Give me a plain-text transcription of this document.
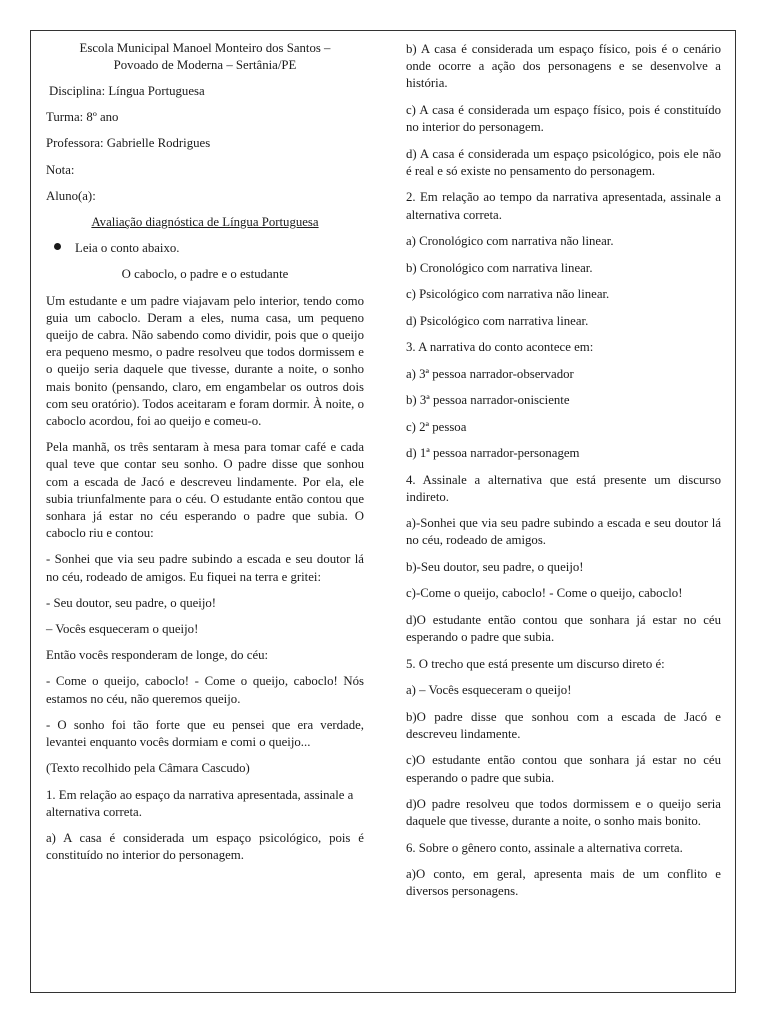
Escola Municipal Manoel Monteiro dos Santos –
Povoado de Moderna – Sertânia/PE

Disciplina: Língua Portuguesa

Turma: 8º ano

Professora: Gabrielle Rodrigues

Nota:

Aluno(a):

Avaliação diagnóstica de Língua Portuguesa

Leia o conto abaixo.

O caboclo, o padre e o estudante

Um estudante e um padre viajavam pelo interior, tendo como guia um caboclo. Deram a eles, numa casa, um pequeno queijo de cabra. Não sabendo como dividir, pois que o queijo era pequeno mesmo, o padre resolveu que todos dormissem e o queijo seria daquele que tivesse, durante a noite, o sonho mais bonito (pensando, claro, em engambelar os outros dois com seu oratório). Todos aceitaram e foram dormir. À noite, o caboclo acordou, foi ao queijo e comeu-o.

Pela manhã, os três sentaram à mesa para tomar café e cada qual teve que contar seu sonho. O padre disse que sonhou com a escada de Jacó e descreveu lindamente. Por ela, ele subia triunfalmente para o céu. O estudante então contou que sonhara já estar no céu esperando o padre que subia. O caboclo riu e contou:

- Sonhei que via seu padre subindo a escada e seu doutor lá no céu, rodeado de amigos. Eu fiquei na terra e gritei:

- Seu doutor, seu padre, o queijo!

– Vocês esqueceram o queijo!

Então vocês responderam de longe, do céu:

- Come o queijo, caboclo! - Come o queijo, caboclo! Nós estamos no céu, não queremos queijo.

- O sonho foi tão forte que eu pensei que era verdade, levantei enquanto vocês dormiam e comi o queijo...

(Texto recolhido pela Câmara Cascudo)

1. Em relação ao espaço da narrativa apresentada, assinale a alternativa correta.

a) A casa é considerada um espaço psicológico, pois é constituído no interior do personagem.

b) A casa é considerada um espaço físico, pois é o cenário onde ocorre a ação dos personagens e se desenvolve a história.

c) A casa é considerada um espaço físico, pois é constituído no interior do personagem.

d) A casa é considerada um espaço psicológico, pois ele não é real e só existe no pensamento do personagem.

2. Em relação ao tempo da narrativa apresentada, assinale a alternativa correta.

a) Cronológico com narrativa não linear.

b) Cronológico com narrativa linear.

c) Psicológico com narrativa não linear.

d) Psicológico com narrativa linear.

3. A narrativa do conto acontece em:

a) 3ª pessoa narrador-observador

b) 3ª pessoa narrador-onisciente

c) 2ª pessoa

d) 1ª pessoa narrador-personagem

4. Assinale a alternativa que está presente um discurso indireto.

a)-Sonhei que via seu padre subindo a escada e seu doutor lá no céu, rodeado de amigos.

b)-Seu doutor, seu padre, o queijo!

c)-Come o queijo, caboclo! - Come o queijo, caboclo!

d)O estudante então contou que sonhara já estar no céu esperando o padre que subia.

5. O trecho que está presente um discurso direto é:

a) – Vocês esqueceram o queijo!

b)O padre disse que sonhou com a escada de Jacó e descreveu lindamente.

c)O estudante então contou que sonhara já estar no céu esperando o padre que subia.

d)O padre resolveu que todos dormissem e o queijo seria daquele que tivesse, durante a noite, o sonho mais bonito.

6. Sobre o gênero conto, assinale a alternativa correta.

a)O conto, em geral, apresenta mais de um conflito e diversos personagens.
